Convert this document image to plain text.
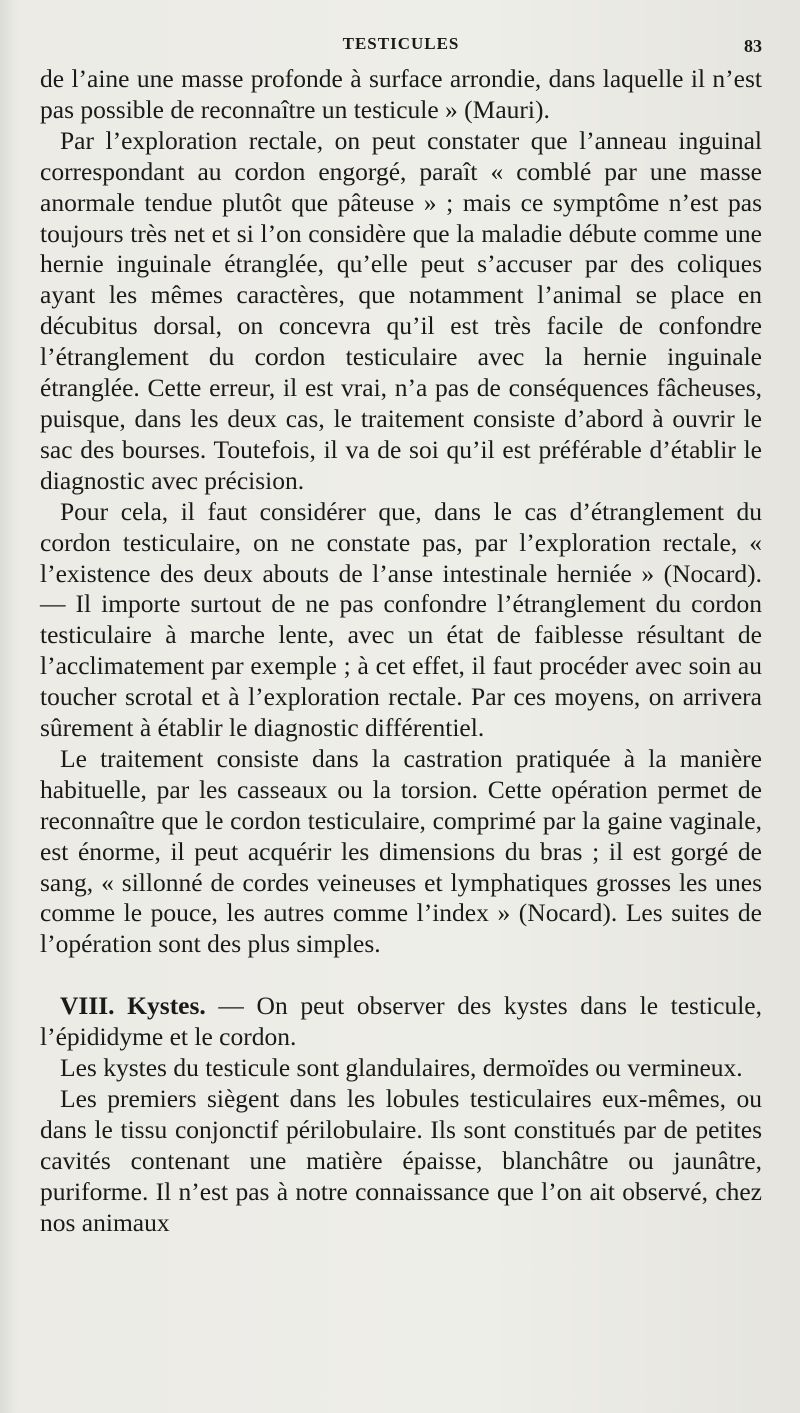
TESTICULES	83

de l’aine une masse profonde à surface arrondie, dans laquelle il n’est pas possible de reconnaître un testicule » (Mauri).

Par l’exploration rectale, on peut constater que l’anneau inguinal correspondant au cordon engorgé, paraît « comblé par une masse anormale tendue plutôt que pâteuse » ; mais ce symptôme n’est pas toujours très net et si l’on considère que la maladie débute comme une hernie inguinale étranglée, qu’elle peut s’accuser par des coliques ayant les mêmes caractères, que notamment l’animal se place en décubitus dorsal, on concevra qu’il est très facile de confondre l’étranglement du cordon testiculaire avec la hernie inguinale étranglée. Cette erreur, il est vrai, n’a pas de conséquences fâcheuses, puisque, dans les deux cas, le traitement consiste d’abord à ouvrir le sac des bourses. Toutefois, il va de soi qu’il est préférable d’établir le diagnostic avec précision.

Pour cela, il faut considérer que, dans le cas d’étranglement du cordon testiculaire, on ne constate pas, par l’exploration rectale, « l’existence des deux abouts de l’anse intestinale herniée » (Nocard). — Il importe surtout de ne pas confondre l’étranglement du cordon testiculaire à marche lente, avec un état de faiblesse résultant de l’acclimatement par exemple ; à cet effet, il faut procéder avec soin au toucher scrotal et à l’exploration rectale. Par ces moyens, on arrivera sûrement à établir le diagnostic différentiel.

Le traitement consiste dans la castration pratiquée à la manière habituelle, par les casseaux ou la torsion. Cette opération permet de reconnaître que le cordon testiculaire, comprimé par la gaine vaginale, est énorme, il peut acquérir les dimensions du bras ; il est gorgé de sang, « sillonné de cordes veineuses et lymphatiques grosses les unes comme le pouce, les autres comme l’index » (Nocard). Les suites de l’opération sont des plus simples.

VIII. Kystes. — On peut observer des kystes dans le testicule, l’épididyme et le cordon.

Les kystes du testicule sont glandulaires, dermoïdes ou vermineux.

Les premiers siègent dans les lobules testiculaires eux-mêmes, ou dans le tissu conjonctif périlobulaire. Ils sont constitués par de petites cavités contenant une matière épaisse, blanchâtre ou jaunâtre, puriforme. Il n’est pas à notre connaissance que l’on ait observé, chez nos animaux
